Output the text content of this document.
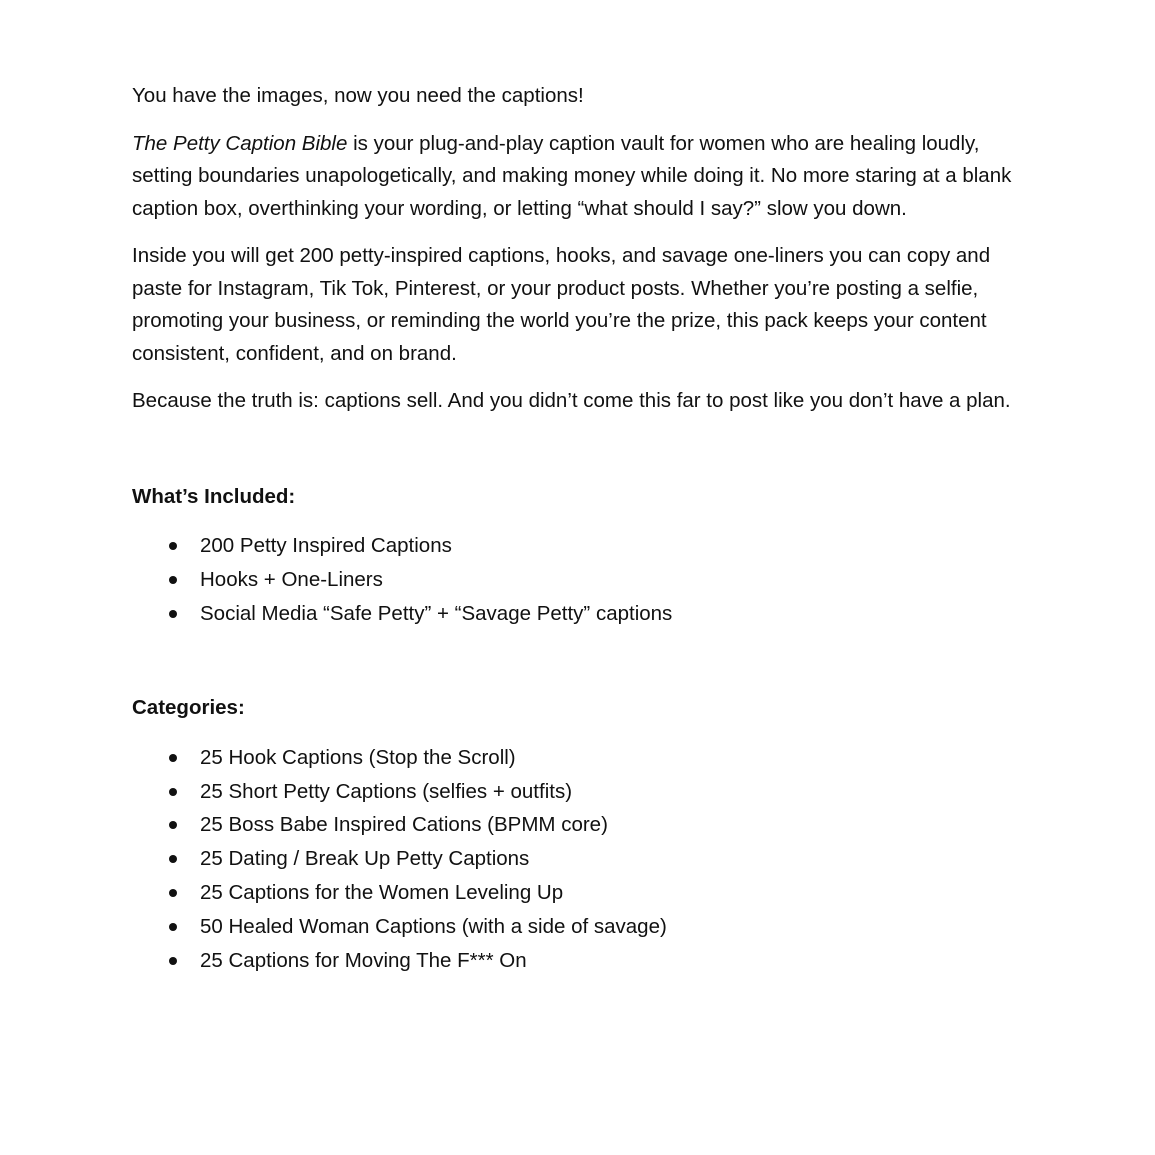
You have the images, now you need the captions!

The Petty Caption Bible is your plug-and-play caption vault for women who are healing loudly, setting boundaries unapologetically, and making money while doing it. No more staring at a blank caption box, overthinking your wording, or letting “what should I say?” slow you down.

Inside you will get 200 petty-inspired captions, hooks, and savage one-liners you can copy and paste for Instagram, Tik Tok, Pinterest, or your product posts. Whether you’re posting a selfie, promoting your business, or reminding the world you’re the prize, this pack keeps your content consistent, confident, and on brand.

Because the truth is: captions sell. And you didn’t come this far to post like you don’t have a plan.

What’s Included:
200 Petty Inspired Captions
Hooks + One-Liners
Social Media “Safe Petty” + “Savage Petty” captions
Categories:
25 Hook Captions (Stop the Scroll)
25 Short Petty Captions (selfies + outfits)
25 Boss Babe Inspired Cations (BPMM core)
25 Dating / Break Up Petty Captions
25 Captions for the Women Leveling Up
50 Healed Woman Captions (with a side of savage)
25 Captions for Moving The F*** On
